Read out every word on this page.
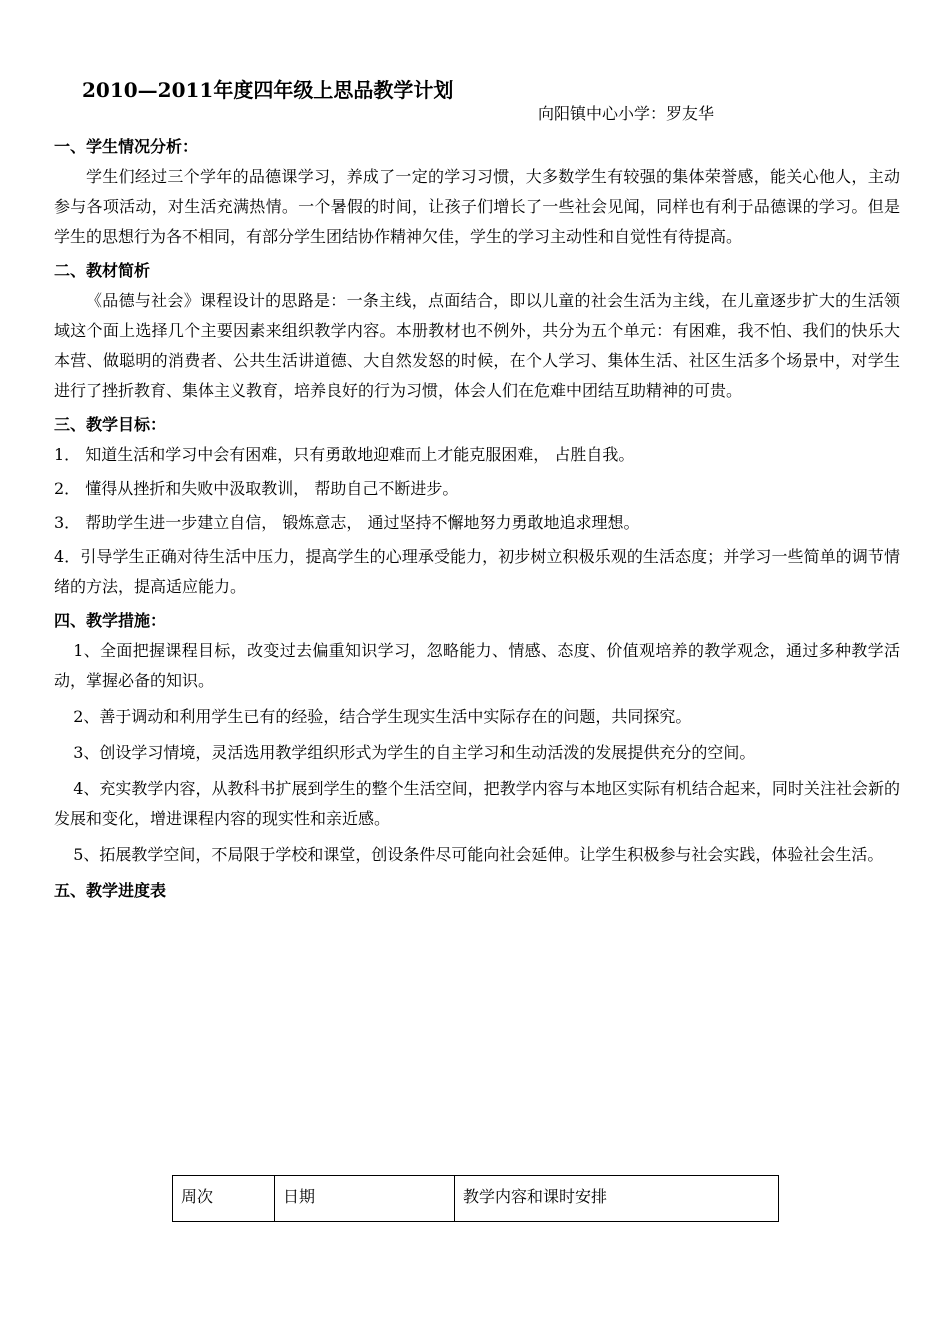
2010—2011年度四年级上思品教学计划
向阳镇中心小学：罗友华
一、学生情况分析：
学生们经过三个学年的品德课学习，养成了一定的学习习惯，大多数学生有较强的集体荣誉感，能关心他人，主动参与各项活动，对生活充满热情。一个暑假的时间，让孩子们增长了一些社会见闻，同样也有利于品德课的学习。但是学生的思想行为各不相同，有部分学生团结协作精神欠佳，学生的学习主动性和自觉性有待提高。
二、教材简析
《品德与社会》课程设计的思路是：一条主线，点面结合，即以儿童的社会生活为主线，在儿童逐步扩大的生活领域这个面上选择几个主要因素来组织教学内容。本册教材也不例外，共分为五个单元：有困难，我不怕、我们的快乐大本营、做聪明的消费者、公共生活讲道德、大自然发怒的时候，在个人学习、集体生活、社区生活多个场景中，对学生进行了挫折教育、集体主义教育，培养良好的行为习惯，体会人们在危难中团结互助精神的可贵。
三、教学目标：
1． 知道生活和学习中会有困难，只有勇敢地迎难而上才能克服困难， 占胜自我。
2． 懂得从挫折和失败中汲取教训， 帮助自己不断进步。
3． 帮助学生进一步建立自信， 锻炼意志， 通过坚持不懈地努力勇敢地追求理想。
4．引导学生正确对待生活中压力，提高学生的心理承受能力，初步树立积极乐观的生活态度；并学习一些简单的调节情绪的方法，提高适应能力。
四、教学措施：
1、全面把握课程目标，改变过去偏重知识学习，忽略能力、情感、态度、价值观培养的教学观念，通过多种教学活动，掌握必备的知识。
2、善于调动和利用学生已有的经验，结合学生现实生活中实际存在的问题，共同探究。
3、创设学习情境，灵活选用教学组织形式为学生的自主学习和生动活泼的发展提供充分的空间。
4、充实教学内容，从教科书扩展到学生的整个生活空间，把教学内容与本地区实际有机结合起来，同时关注社会新的发展和变化，增进课程内容的现实性和亲近感。
5、拓展教学空间，不局限于学校和课堂，创设条件尽可能向社会延伸。让学生积极参与社会实践，体验社会生活。
五、教学进度表
周次	日期	教学内容和课时安排
